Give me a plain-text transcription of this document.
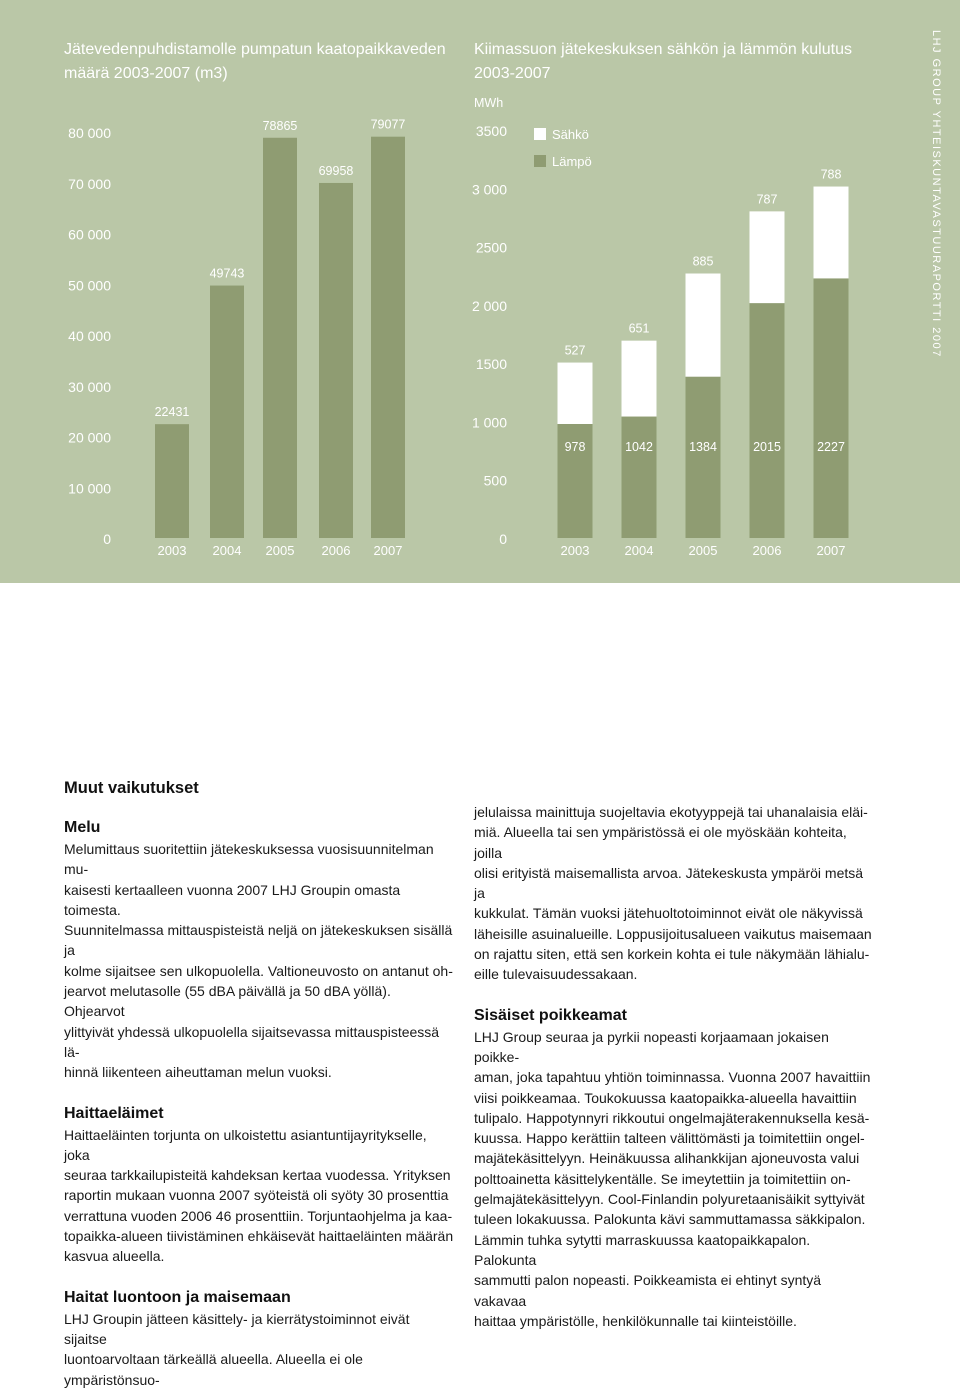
Jätevedenpuhdistamolle pumpatun kaatopaikkaveden
määrä 2003-2007 (m3)
Kiimassuon jätekeskuksen sähkön ja lämmön kulutus
2003-2007	LHJ GROUP YHTEISKUNTAVASTUURAPORTTI 2007
0
10 000
20 000
30 000
40 000
50 000
60 000
70 000
80 000
22431
2003
49743
2004
78865
2005
69958
2006
79077
2007
MWh
0
500
1 000
1500
2 000
2500
3 000
3500	Sähkö
Lämpö
527
978
2003
651
1042
2004
885
1384
2005
787
2015
2006
788
2227
2007
Muut vaikutukset
Melu

Melumittaus suoritettiin jätekeskuksessa vuosisuunnitelman mu-
kaisesti kertaalleen vuonna 2007 LHJ Groupin omasta toimesta.
Suunnitelmassa mittauspisteistä neljä on jätekeskuksen sisällä ja
kolme sijaitsee sen ulkopuolella. Valtioneuvosto on antanut oh-
jearvot melutasolle (55 dBA päivällä ja 50 dBA yöllä). Ohjearvot
ylittyivät yhdessä ulkopuolella sijaitsevassa mittauspisteessä lä-
hinnä liikenteen aiheuttaman melun vuoksi.

Haittaeläimet

Haittaeläinten torjunta on ulkoistettu asiantuntijayritykselle, joka
seuraa tarkkailupisteitä kahdeksan kertaa vuodessa. Yrityksen
raportin mukaan vuonna 2007 syöteistä oli syöty 30 prosenttia
verrattuna vuoden 2006 46 prosenttiin. Torjuntaohjelma ja kaa-
topaikka-alueen tiivistäminen ehkäisevät haittaeläinten määrän
kasvua alueella.

Haitat luontoon ja maisemaan

LHJ Groupin jätteen käsittely- ja kierrätystoiminnot eivät sijaitse
luontoarvoltaan tärkeällä alueella. Alueella ei ole ympäristönsuo-

jelulaissa mainittuja suojeltavia ekotyyppejä tai uhanalaisia eläi-
miä. Alueella tai sen ympäristössä ei ole myöskään kohteita, joilla
olisi erityistä maisemallista arvoa. Jätekeskusta ympäröi metsä ja
kukkulat. Tämän vuoksi jätehuoltotoiminnot eivät ole näkyvissä
läheisille asuinalueille. Loppusijoitusalueen vaikutus maisemaan
on rajattu siten, että sen korkein kohta ei tule näkymään lähialu-
eille tulevaisuudessakaan.

Sisäiset poikkeamat

LHJ Group seuraa ja pyrkii nopeasti korjaamaan jokaisen poikke-
aman, joka tapahtuu yhtiön toiminnassa. Vuonna 2007 havaittiin
viisi poikkeamaa. Toukokuussa kaatopaikka-alueella havaittiin
tulipalo. Happotynnyri rikkoutui ongelmajäterakennuksella kesä-
kuussa. Happo kerättiin talteen välittömästi ja toimitettiin ongel-
majätekäsittelyyn. Heinäkuussa alihankkijan ajoneuvosta valui
polttoainetta käsittelykentälle. Se imeytettiin ja toimitettiin on-
gelmajätekäsittelyyn. Cool-Finlandin polyuretaanisäikit syttyivät
tuleen lokakuussa. Palokunta kävi sammuttamassa säkkipalon.
Lämmin tuhka sytytti marraskuussa kaatopaikkapalon. Palokunta
sammutti palon nopeasti. Poikkeamista ei ehtinyt syntyä vakavaa
haittaa ympäristölle, henkilökunnalle tai kiinteistöille.
